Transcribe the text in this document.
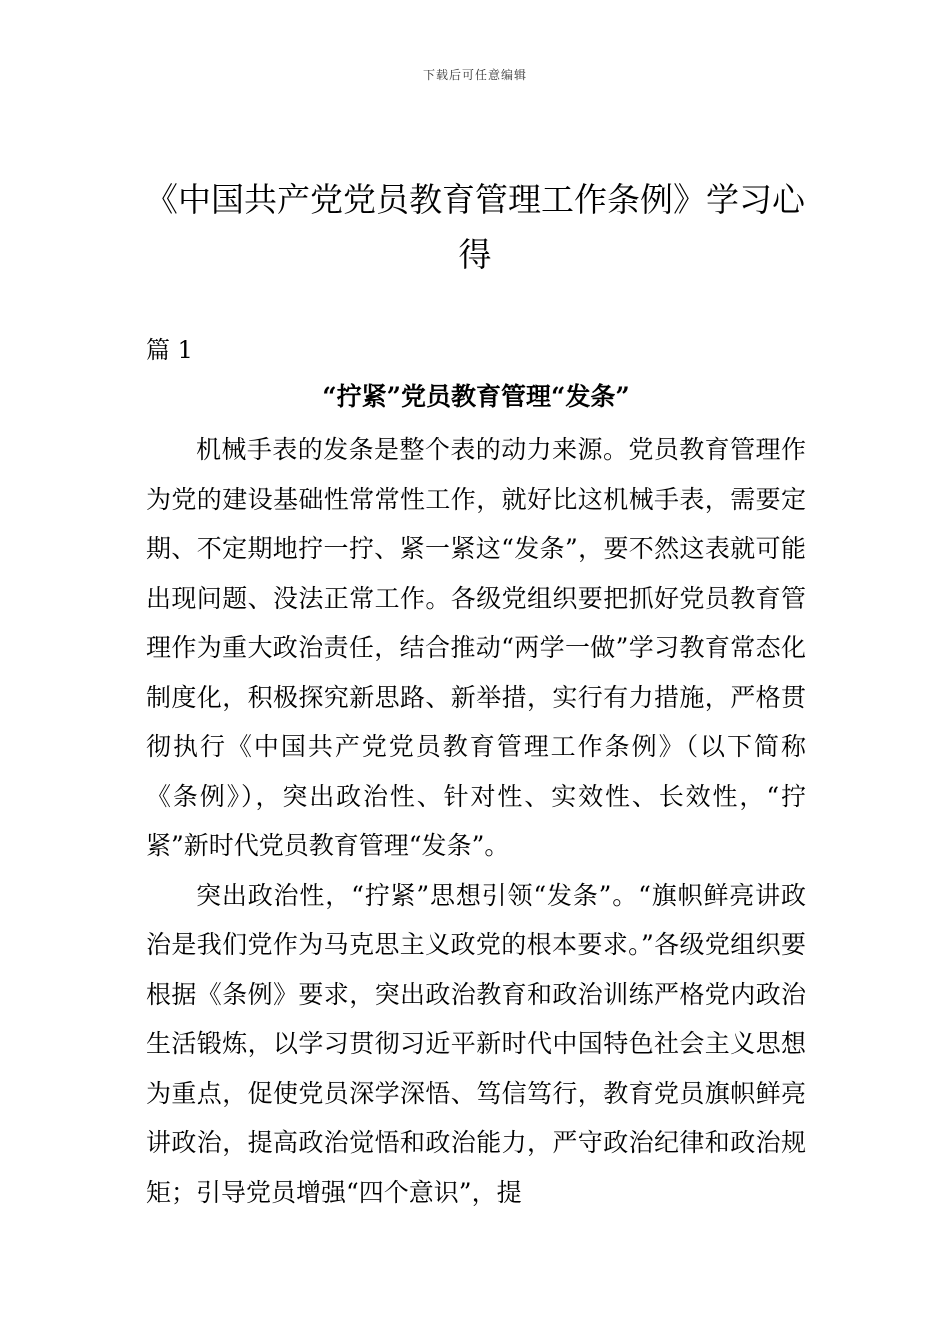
下载后可任意编辑
《中国共产党党员教育管理工作条例》学习心得
篇 1
“拧紧”党员教育管理“发条”

机械手表的发条是整个表的动力来源。党员教育管理作为党的建设基础性常常性工作，就好比这机械手表，需要定期、不定期地拧一拧、紧一紧这“发条”，要不然这表就可能出现问题、没法正常工作。各级党组织要把抓好党员教育管理作为重大政治责任，结合推动“两学一做”学习教育常态化制度化，积极探究新思路、新举措，实行有力措施，严格贯彻执行《中国共产党党员教育管理工作条例》（以下简称《条例》），突出政治性、针对性、实效性、长效性，“拧紧”新时代党员教育管理“发条”。

突出政治性，“拧紧”思想引领“发条”。“旗帜鲜亮讲政治是我们党作为马克思主义政党的根本要求。”各级党组织要根据《条例》要求，突出政治教育和政治训练严格党内政治生活锻炼，以学习贯彻习近平新时代中国特色社会主义思想为重点，促使党员深学深悟、笃信笃行，教育党员旗帜鲜亮讲政治，提高政治觉悟和政治能力，严守政治纪律和政治规矩；引导党员增强“四个意识”，提
